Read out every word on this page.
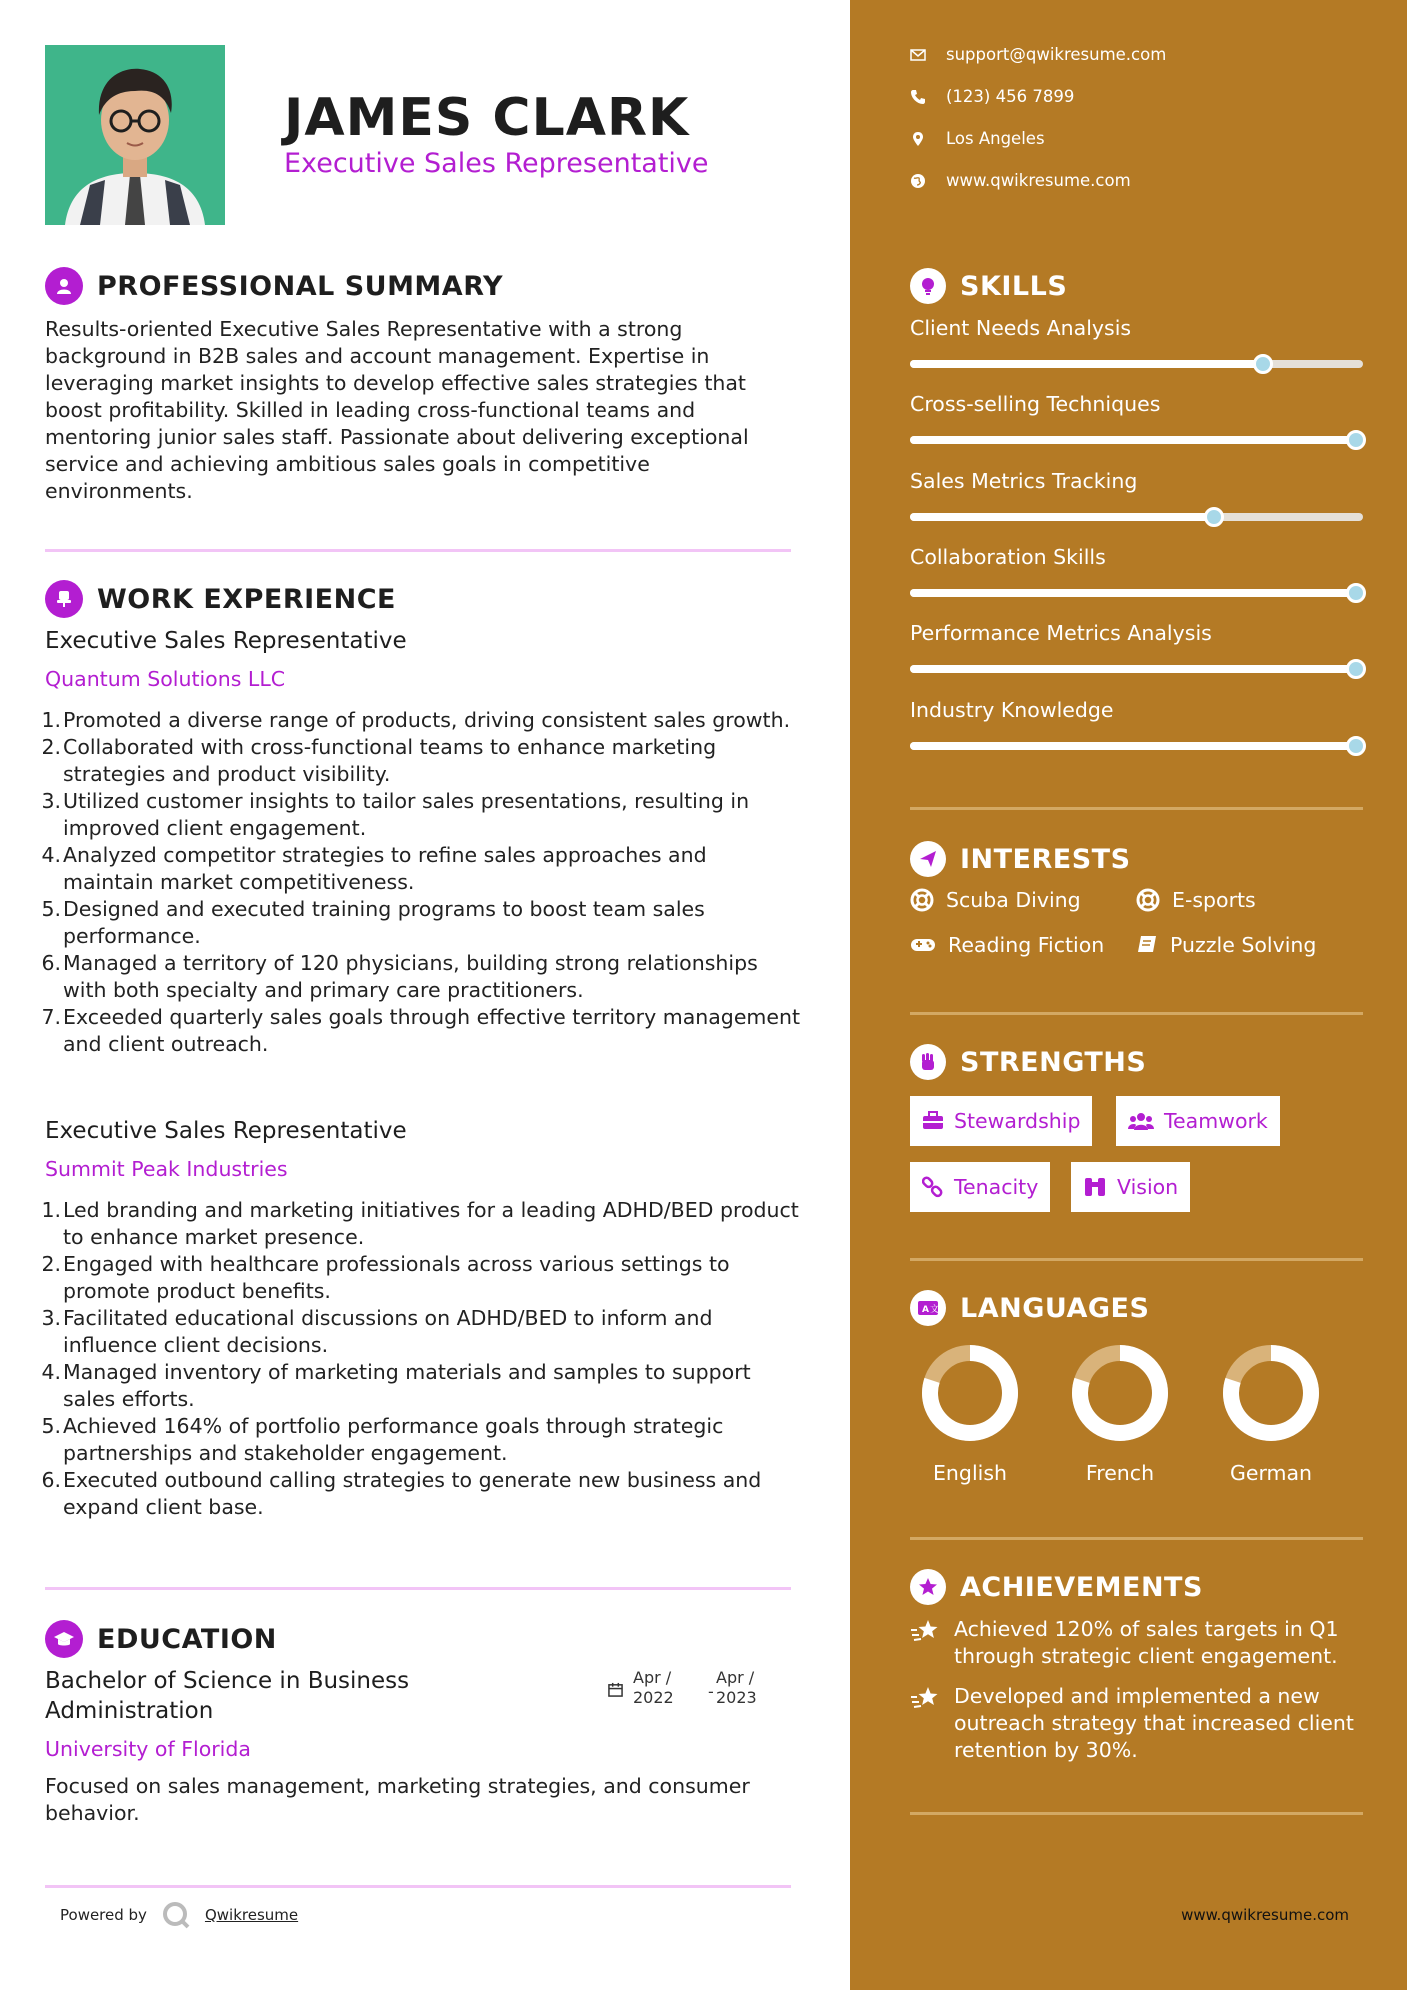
JAMES CLARK
Executive Sales Representative
PROFESSIONAL SUMMARY
Results-oriented Executive Sales Representative with a strong background in B2B sales and account management. Expertise in leveraging market insights to develop effective sales strategies that boost profitability. Skilled in leading cross-functional teams and mentoring junior sales staff. Passionate about delivering exceptional service and achieving ambitious sales goals in competitive environments.
WORK EXPERIENCE
Executive Sales Representative
Quantum Solutions LLC
1. Promoted a diverse range of products, driving consistent sales growth.
2. Collaborated with cross-functional teams to enhance marketing strategies and product visibility.
3. Utilized customer insights to tailor sales presentations, resulting in improved client engagement.
4. Analyzed competitor strategies to refine sales approaches and maintain market competitiveness.
5. Designed and executed training programs to boost team sales performance.
6. Managed a territory of 120 physicians, building strong relationships with both specialty and primary care practitioners.
7. Exceeded quarterly sales goals through effective territory management and client outreach.
Executive Sales Representative
Summit Peak Industries
1. Led branding and marketing initiatives for a leading ADHD/BED product to enhance market presence.
2. Engaged with healthcare professionals across various settings to promote product benefits.
3. Facilitated educational discussions on ADHD/BED to inform and influence client decisions.
4. Managed inventory of marketing materials and samples to support sales efforts.
5. Achieved 164% of portfolio performance goals through strategic partnerships and stakeholder engagement.
6. Executed outbound calling strategies to generate new business and expand client base.
EDUCATION
Bachelor of Science in Business
Administration
Apr /
2022 -
Apr /
2023
University of Florida
Focused on sales management, marketing strategies, and consumer behavior.
Powered by	Qwikresume
support@qwikresume.com
(123) 456 7899
Los Angeles
www.qwikresume.com
SKILLS
Client Needs Analysis
Cross-selling Techniques
Sales Metrics Tracking
Collaboration Skills
Performance Metrics Analysis
Industry Knowledge
INTERESTS
Scuba Diving	E-sports
Reading Fiction	Puzzle Solving
STRENGTHS
Stewardship	Teamwork
Tenacity	Vision
A 文 LANGUAGES
English	French	German
ACHIEVEMENTS
Achieved 120% of sales targets in Q1 through strategic client engagement.
Developed and implemented a new outreach strategy that increased client retention by 30%.
www.qwikresume.com
